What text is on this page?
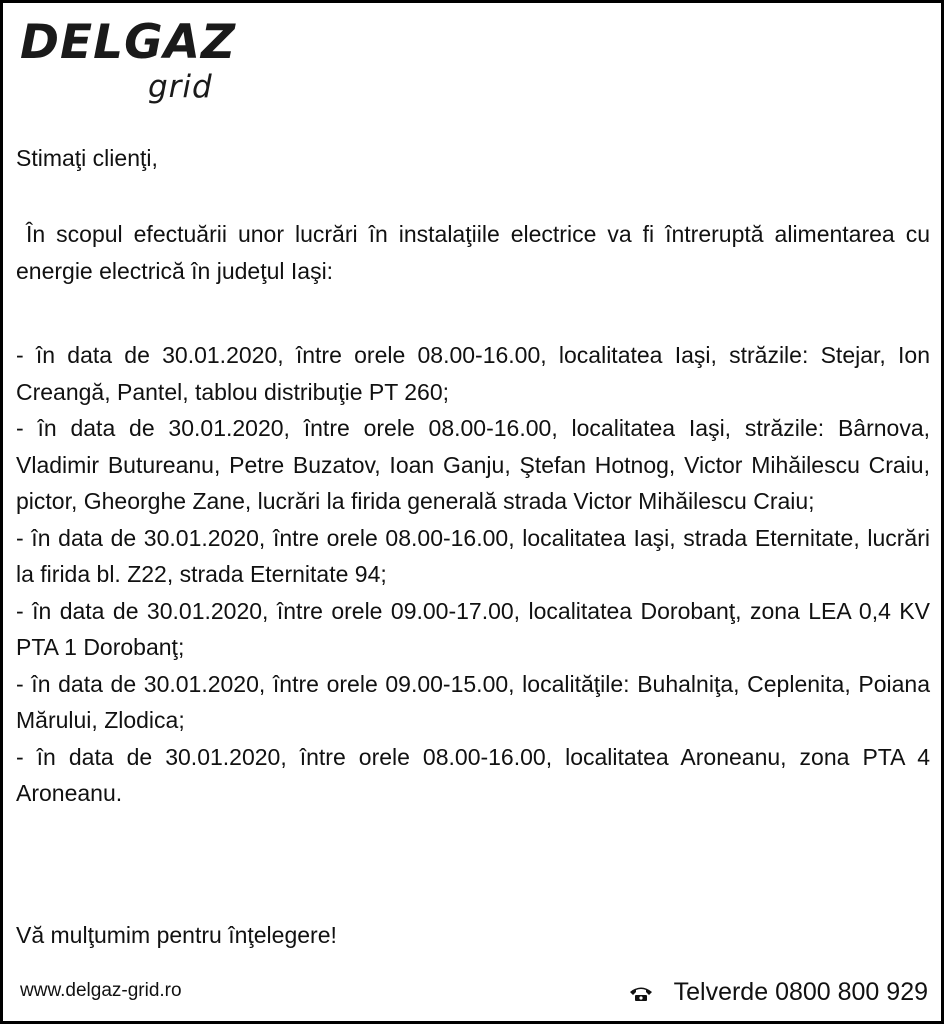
DELGAZ
grid

Stimaţi clienţi,

În scopul efectuării unor lucrări în instalaţiile electrice va fi întreruptă alimentarea cu energie electrică în judeţul Iaşi:

- în data de 30.01.2020, între orele 08.00-16.00, localitatea Iaşi, străzile: Stejar, Ion Creangă, Pantel, tablou distribuţie PT 260;

- în data de 30.01.2020, între orele 08.00-16.00, localitatea Iaşi, străzile: Bârnova, Vladimir Butureanu, Petre Buzatov, Ioan Ganju, Ştefan Hotnog, Victor Mihăilescu Craiu, pictor, Gheorghe Zane, lucrări la firida generală strada Victor Mihăilescu Craiu;

- în data de 30.01.2020, între orele 08.00-16.00, localitatea Iaşi, strada Eternitate, lucrări la firida bl. Z22, strada Eternitate 94;

- în data de 30.01.2020, între orele 09.00-17.00, localitatea Dorobanţ, zona LEA 0,4 KV PTA 1 Dorobanţ;

- în data de 30.01.2020, între orele 09.00-15.00, localităţile: Buhalniţa, Ceplenita, Poiana Mărului, Zlodica;

- în data de 30.01.2020, între orele 08.00-16.00, localitatea Aroneanu, zona PTA 4 Aroneanu.

Vă mulţumim pentru înţelegere!

www.delgaz-grid.ro	Telverde 0800 800 929
